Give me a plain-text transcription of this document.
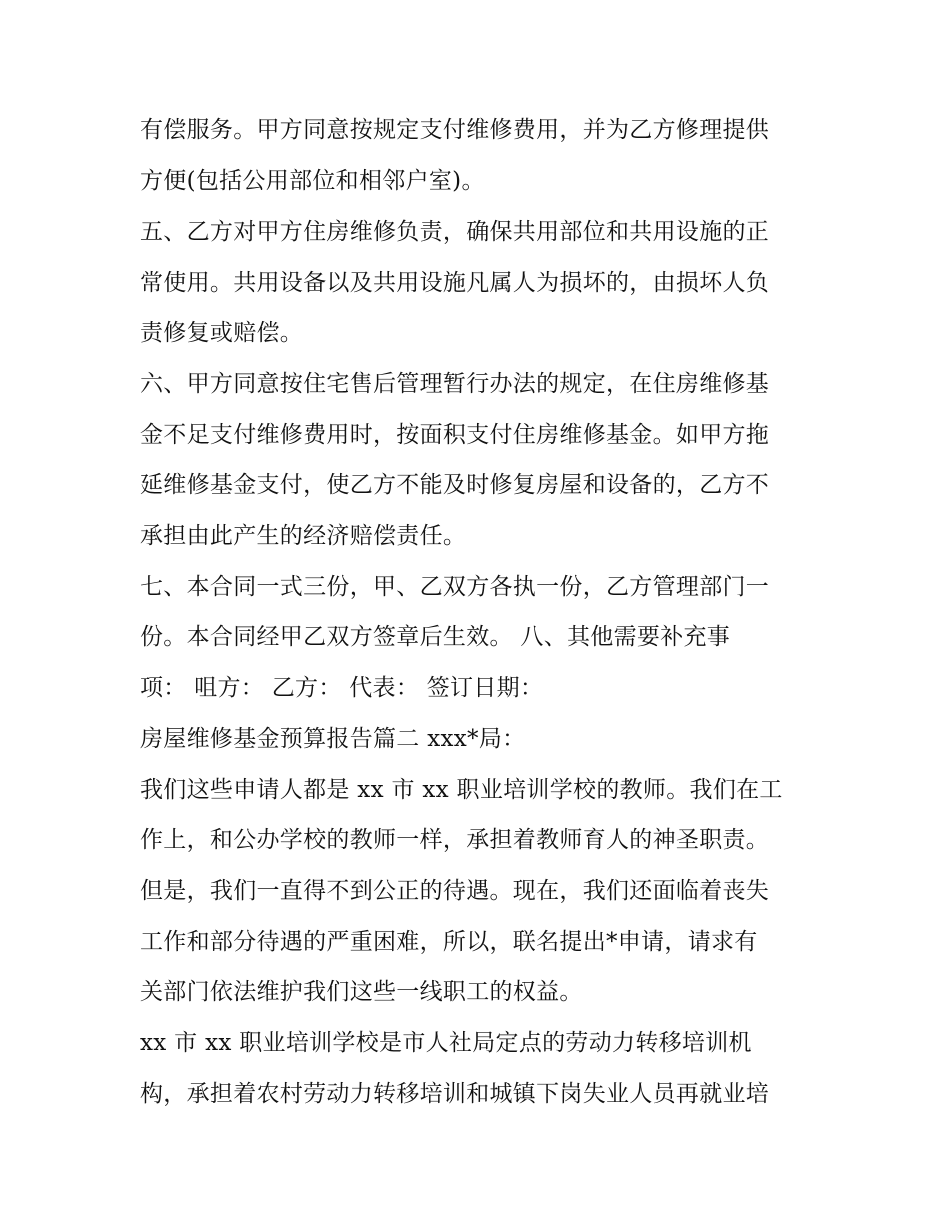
有偿服务。甲方同意按规定支付维修费用，并为乙方修理提供
方便(包括公用部位和相邻户室)。
五、乙方对甲方住房维修负责，确保共用部位和共用设施的正
常使用。共用设备以及共用设施凡属人为损坏的，由损坏人负
责修复或赔偿。
六、甲方同意按住宅售后管理暂行办法的规定，在住房维修基
金不足支付维修费用时，按面积支付住房维修基金。如甲方拖
延维修基金支付，使乙方不能及时修复房屋和设备的，乙方不
承担由此产生的经济赔偿责任。
七、本合同一式三份，甲、乙双方各执一份，乙方管理部门一
份。本合同经甲乙双方签章后生效。 八、其他需要补充事
项： 咀方： 乙方： 代表： 签订日期：
房屋维修基金预算报告篇二 xxx*局：
我们这些申请人都是 xx 市 xx 职业培训学校的教师。我们在工
作上，和公办学校的教师一样，承担着教师育人的神圣职责。
但是，我们一直得不到公正的待遇。现在，我们还面临着丧失
工作和部分待遇的严重困难，所以，联名提出*申请，请求有
关部门依法维护我们这些一线职工的权益。
xx 市 xx 职业培训学校是市人社局定点的劳动力转移培训机
构，承担着农村劳动力转移培训和城镇下岗失业人员再就业培
